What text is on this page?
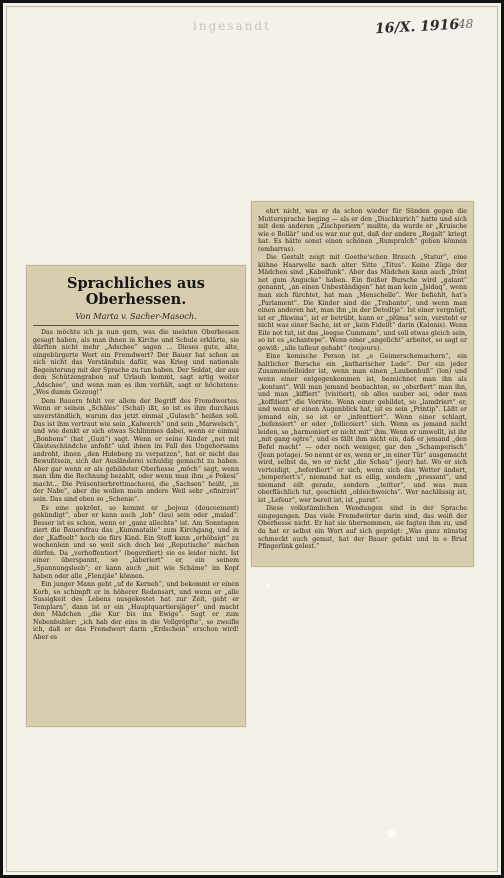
ingesandt	16/X. 1916
48
Sprachliches aus Oberhessen.
Von Marta v. Sacher-Masoch.

Das möchte ich ja nun gern, was die meisten Oberhessen gesagt haben, als man ihnen in Kirche und Schule erklärte, sie dürften nicht mehr „Adschee“ sagen ... Dieses gute, alte, eingebürgerte Wort ein Fremdwort? Der Bauer hat schon an sich nicht das Verständnis dafür, was Krieg und nationale Begeisterung mit der Sprache zu tun haben. Der Soldat, der aus dem Schützengraben auf Urlaub kommt, sagt artig weiter „Adschee“, und wenn man es ihm verhält, sagt er höchstens: „Wos dumm Gezeug!“

Dem Bauern fehlt vor allem der Begriff des Fremdwortes. Wenn er seinen „Schäles“ (Schal) ißt, so ist es ihm durchaus unverständlich, warum das jetzt einmal „Gulasch“ heißen soll. Das ist ihm vertraut wie sein „Kalwerch“ und sein „Marwelsch“, und wie denkt er sich etwas Schlimmes dabei, wenn er einmal „Bonbons“ (hat „Guzi“) sagt. Wenn er seine Kinder „net mit Glasteschündche anfoßt“ und ihnen im Fall des Ungehorsams androht, ihnen „den Hideberg zu verpatzen“, hat er nicht das Bewußtsein, sich der Ausländerei schuldig gemacht zu haben. Aber gar wenn er als gebildeter Oberhesse „möch“ sagt, wenn man ihm die Rechnung bezahlt, oder wenn man ihm „e Pokesi“ macht... Die Präsentierbrettmacherei, die „Sachsen“ heißt, „in der Nabe“, aber die wollen mein andere Weil sehr „efinirzet“ sein. Das sind eben so „Schenie“.

Es eine gekrönt, so kommt er „bojouz (douceement) gekündigt“, aber er kann auch „lob“ (lau) sein oder „malad“. Besser ist es schon, wenn er „ganz allechta“ ist. Am Sonntagen ziert die Bauersfrau das „Kummataile“ zum Kirchgang, und in der „Kaffeolt“ koch sie fürs Kind. Ein Stoff kann „erhöbsigt“ zu wochenlein und so weit sich doch bei „Reputische“ machen dürfen. Da „verhoffentiert“ (begerdiert) sie es leider nicht. Ist einer überspannt, so „laberiert“ er, ein seinem „Spannungsleeb“; er kann auch „mit wie Schäme“ im Kopf haben oder alle „Flenzjäe“ können.

Ein junger Mann geht „uf de Kerneh“, und bekommt er einen Korb, so schimpft er in höherer Redensart, und wenn er „alle Sussigkeit des Lebens ausgekostet hat zur Zeit, geht er Templarn“, dann ist er ein „Hauptquartiersjäger“ und macht den Mädchen „die Kur bis ins Ewige“. Sagt er zum Nebenbuhler: „ich hab der eins in die Vollgröpfte“, so zweifle ich, daß er das Fremdwort darin „Erdschein“ erschon wird! Aber es

ehrt nicht, was er da schon wieder für Sünden gegen die Muttersprache beging — als er den „Dischkurich“ hatte und sich mit dem anderen „Zischperiern“ mußte, da wurde er „Kruische wie e Bollär“ und es war nur gut, daß der andere „Regalt“ kriegt hat. Es hätte sonst einen schönen „Rumpralch“ geben können (embarras).

Die Gestalt zeigt mit Goethe'schen Brauch „Statur“, eine kühne Haarwelle nach alter Sitte „Titus“. Keine Züge der Mädchen sind „Kabelfunk“. Aber das Mädchen kann auch „frönt net gum Angucke“ haben. Ein fleißer Bursche wird „galant“ genannt, „an einen Unbeständigen“ hat man kein „Jsidaq“, wenn man sich fürchtet, hat man „Menschelle“. Wer befiehlt, hat's „Parlament“. Die Kinder sind die „Trabanto“, und wenn man einen anderen hat, man ihn „in der Detoiltje“. Ist einer vergnügt, ist er „fikwina“, ist er betrübt, kann er „plüma“ sein, versteht er nicht was einer Sache, ist er „kein Fideilt“ darin (Kalonis). Wenn Eile not tut, ist das „leegse Cummam“, und soll etwas gleich sein, so ist es „schantepe“. Wenn einer „angelicht“ arbeitet, so sagt er gewiß: „alle tafleur gehabt“ (toujours).

Eine komische Person ist „e Geimerschemachern“, ein haltlicher Bursche ein „katharischer Lude“. Der ein jeder Zusammelelleider ist, wenn man einen „Laubenhuß“ (lon) und wenn einer entgegenkommen ist, bezeichnet man ihn als „kontant“. Will man jemand beobachten, so „obsrfiert“ man ihn, und man „kiffiert“ (visitiert), ob alles sauber sei, oder man „koffdiert“ die Vorräte. Wenn einer gebildet, so „lamdriert“ er, und wenn er einen Augenblick hat, ist es sein „Printip“. Läßt er jemand ein, so ist er „infenttiert“. Wenn einer schlagt, „befensiert“ er oder „follicoiert“ sich. Wenn es jemand nicht leiden, so „harmoniert er nicht mit“ ihm. Wenn er umwollt, ist ihr „mit gang egtre“, und es fällt ihm nicht ein, daß er jemand „den Befel macht“ — oder noch weniger, gar den „Schamperisch“ (Jean potage). So nennt er es, wenn er „in einer Tür“ ausgemacht wird, selbst da, wo er nicht „die Schau“ (jour) hat. Wo er sich verteidigt, „heferdiert“ er sich, wenn sich das Wetter ändert, „temperiert's“, niemand hat es eilig, sondern „pressant“, und niemand eilt gerade, sondern „teitter“, und was man oberflächlich tut, geschieht „obleichweichs“. Wer nachlässig ist, ist „Lefeur“, wer bereit ist, ist „parat“.

Diese volkstümlichen Wendungen sind in der Sprache eingegangen. Das viele Fremdwörter darin sind, das weiß der Oberhesse nicht. Er hat sie übernommen, sie fagten ihm zu, und da hat er selbst ein Wort auf sich geprägt: „Was ganz nünstig schmeckt auch gemut, hat der Bauer gefakt und in e Brief Pfingerlink gelest.“
